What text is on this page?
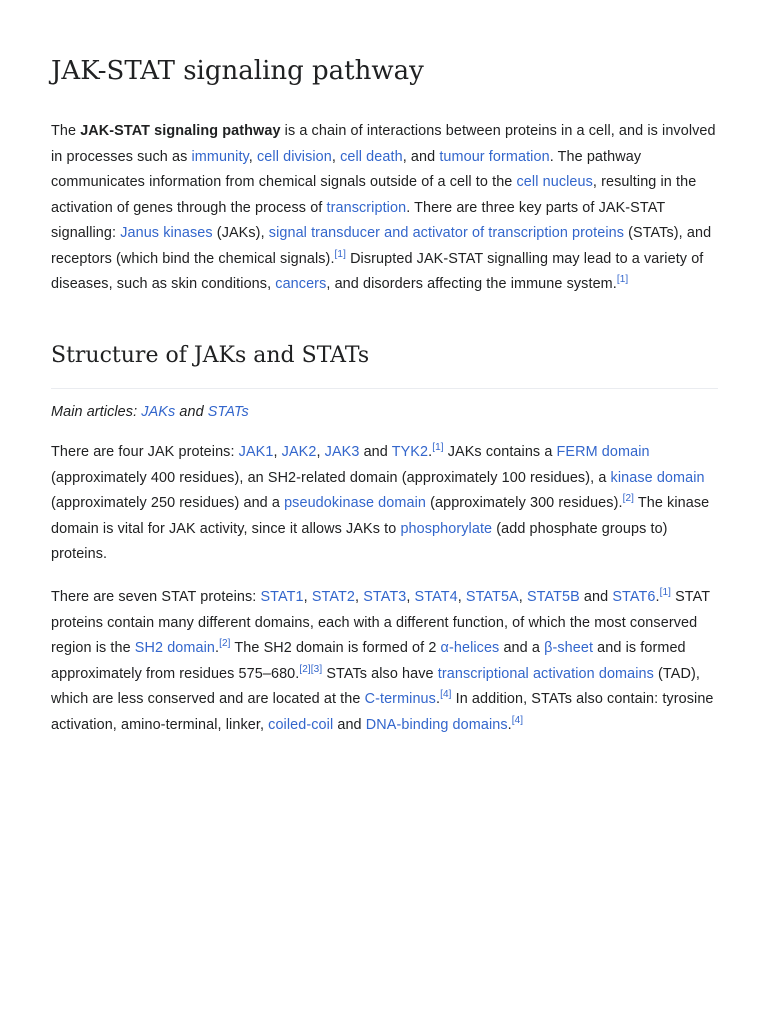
JAK-STAT signaling pathway

The JAK-STAT signaling pathway is a chain of interactions between proteins in a cell, and is involved in processes such as immunity, cell division, cell death, and tumour formation. The pathway communicates information from chemical signals outside of a cell to the cell nucleus, resulting in the activation of genes through the process of transcription. There are three key parts of JAK-STAT signalling: Janus kinases (JAKs), signal transducer and activator of transcription proteins (STATs), and receptors (which bind the chemical signals).[1] Disrupted JAK-STAT signalling may lead to a variety of diseases, such as skin conditions, cancers, and disorders affecting the immune system.[1]

Structure of JAKs and STATs

Main articles: JAKs and STATs

There are four JAK proteins: JAK1, JAK2, JAK3 and TYK2.[1] JAKs contains a FERM domain (approximately 400 residues), an SH2-related domain (approximately 100 residues), a kinase domain (approximately 250 residues) and a pseudokinase domain (approximately 300 residues).[2] The kinase domain is vital for JAK activity, since it allows JAKs to phosphorylate (add phosphate groups to) proteins.

There are seven STAT proteins: STAT1, STAT2, STAT3, STAT4, STAT5A, STAT5B and STAT6.[1] STAT proteins contain many different domains, each with a different function, of which the most conserved region is the SH2 domain.[2] The SH2 domain is formed of 2 α-helices and a β-sheet and is formed approximately from residues 575–680.[2][3] STATs also have transcriptional activation domains (TAD), which are less conserved and are located at the C-terminus.[4] In addition, STATs also contain: tyrosine activation, amino-terminal, linker, coiled-coil and DNA-binding domains.[4]
